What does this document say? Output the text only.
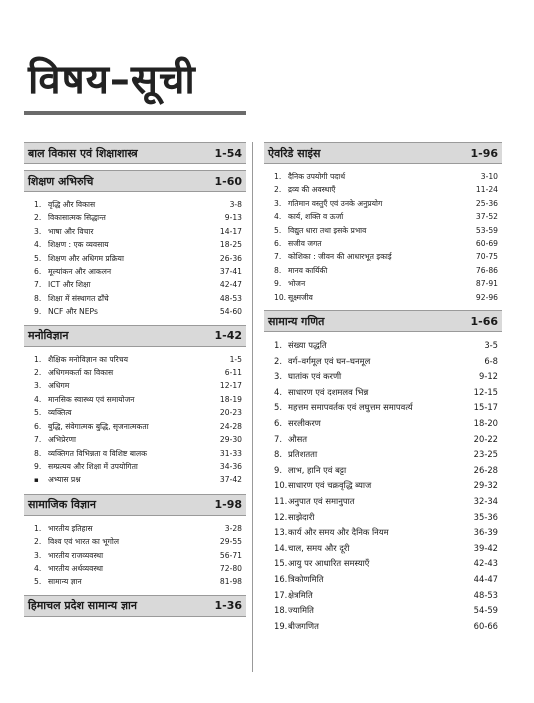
विषय–सूची
बाल विकास एवं शिक्षाशास्त्र	1-54
शिक्षण अभिरुचि	1-60
1. वृद्धि और विकास	3-8
2. विकासात्मक सिद्धान्त	9-13
3. भाषा और विचार	14-17
4. शिक्षण : एक व्यवसाय	18-25
5. शिक्षण और अधिगम प्रक्रिया	26-36
6. मूल्यांकन और आकलन	37-41
7. ICT और शिक्षा	42-47
8. शिक्षा में संस्थागत ढाँचे	48-53
9. NCF और NEPs	54-60
मनोविज्ञान	1-42
1. शैक्षिक मनोविज्ञान का परिचय	1-5
2. अधिगमकर्ता का विकास	6-11
3. अधिगम	12-17
4. मानसिक स्वास्थ्य एवं समायोजन	18-19
5. व्यक्तित्व	20-23
6. बुद्धि, संवेगात्मक बुद्धि, सृजनात्मकता	24-28
7. अभिप्रेरणा	29-30
8. व्यक्तिगत विभिन्नता व विशिष्ट बालक	31-33
9. सम्प्रत्यय और शिक्षा में उपयोगिता	34-36
▪ अभ्यास प्रश्न	37-42
सामाजिक विज्ञान	1-98
1. भारतीय इतिहास	3-28
2. विश्व एवं भारत का भूगोल	29-55
3. भारतीय राजव्यवस्था	56-71
4. भारतीय अर्थव्यवस्था	72-80
5. सामान्य ज्ञान	81-98
हिमाचल प्रदेश सामान्य ज्ञान	1-36
ऐवरिडे साइंस	1-96
1. दैनिक उपयोगी पदार्थ	3-10
2. द्रव्य की अवस्थाएँ	11-24
3. गतिमान वस्तुएँ एवं उनके अनुप्रयोग	25-36
4. कार्य, शक्ति व ऊर्जा	37-52
5. विद्युत धारा तथा इसके प्रभाव	53-59
6. सजीव जगत	60-69
7. कोशिका : जीवन की आधारभूत इकाई	70-75
8. मानव कार्यिकी	76-86
9. भोजन	87-91
10. सूक्ष्मजीव	92-96
सामान्य गणित	1-66
1. संख्या पद्धति	3-5
2. वर्ग–वर्गमूल एवं घन–घनमूल	6-8
3. घातांक एवं करणी	9-12
4. साधारण एवं दशमलव भिन्न	12-15
5. महत्तम समापवर्तक एवं लघुत्तम समापवर्त्य	15-17
6. सरलीकरण	18-20
7. औसत	20-22
8. प्रतिशतता	23-25
9. लाभ, हानि एवं बट्टा	26-28
10.साधारण एवं चक्रवृद्धि ब्याज	29-32
11.अनुपात एवं समानुपात	32-34
12.साझेदारी	35-36
13.कार्य और समय और दैनिक नियम	36-39
14.चाल, समय और दूरी	39-42
15.आयु पर आधारित समस्याएँ	42-43
16.त्रिकोणमिति	44-47
17.क्षेत्रमिति	48-53
18.ज्यामिति	54-59
19.बीजगणित	60-66
